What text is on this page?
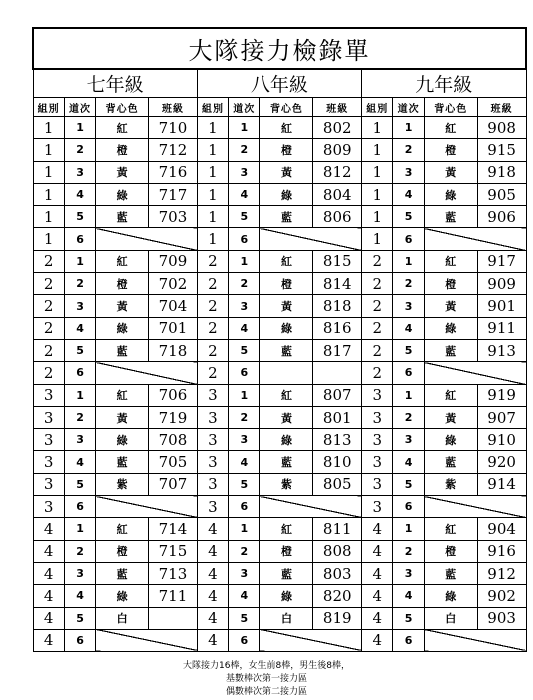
大隊接力檢錄單											
七年級				八年級				九年級			
組別	道次	背心色	班級	組別	道次	背心色	班級	組別	道次	背心色	班級
1	1	紅	710	1	1	紅	802	1	1	紅	908
1	2	橙	712	1	2	橙	809	1	2	橙	915
1	3	黃	716	1	3	黃	812	1	3	黃	918
1	4	綠	717	1	4	綠	804	1	4	綠	905
1	5	藍	703	1	5	藍	806	1	5	藍	906
1	6			1	6			1	6		
2	1	紅	709	2	1	紅	815	2	1	紅	917
2	2	橙	702	2	2	橙	814	2	2	橙	909
2	3	黃	704	2	3	黃	818	2	3	黃	901
2	4	綠	701	2	4	綠	816	2	4	綠	911
2	5	藍	718	2	5	藍	817	2	5	藍	913
2	6			2	6			2	6		
3	1	紅	706	3	1	紅	807	3	1	紅	919
3	2	黃	719	3	2	黃	801	3	2	黃	907
3	3	綠	708	3	3	綠	813	3	3	綠	910
3	4	藍	705	3	4	藍	810	3	4	藍	920
3	5	紫	707	3	5	紫	805	3	5	紫	914
3	6			3	6			3	6		
4	1	紅	714	4	1	紅	811	4	1	紅	904
4	2	橙	715	4	2	橙	808	4	2	橙	916
4	3	藍	713	4	3	藍	803	4	3	藍	912
4	4	綠	711	4	4	綠	820	4	4	綠	902
4	5	白		4	5	白	819	4	5	白	903
4	6			4	6			4	6		
大隊接力16棒，女生前8棒，男生後8棒，
基數棒次第一接力區
偶數棒次第二接力區
